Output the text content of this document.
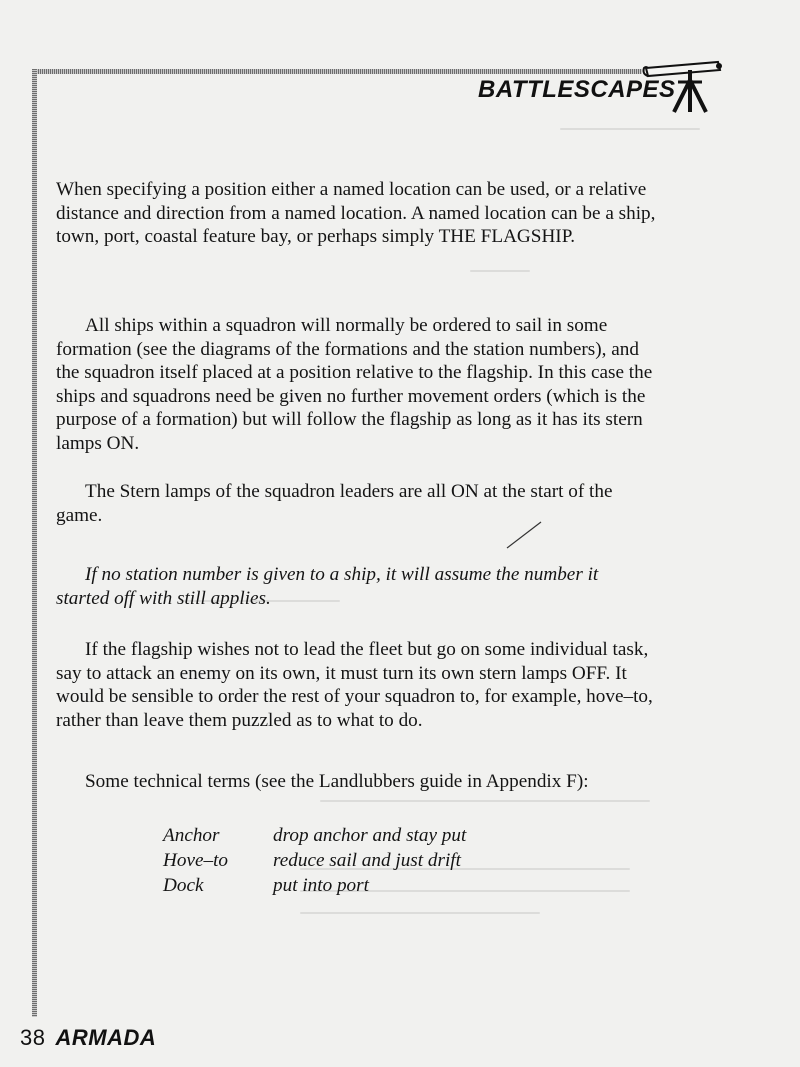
BATTLESCAPES

When specifying a position either a named location can be used, or a relative distance and direction from a named location. A named location can be a ship, town, port, coastal feature bay, or perhaps simply THE FLAGSHIP.

All ships within a squadron will normally be ordered to sail in some formation (see the diagrams of the formations and the station numbers), and the squadron itself placed at a position relative to the flagship. In this case the ships and squadrons need be given no further movement orders (which is the purpose of a formation) but will follow the flagship as long as it has its stern lamps ON.

The Stern lamps of the squadron leaders are all ON at the start of the game.

If no station number is given to a ship, it will assume the number it started off with still applies.

If the flagship wishes not to lead the fleet but go on some individual task, say to attack an enemy on its own, it must turn its own stern lamps OFF. It would be sensible to order the rest of your squadron to, for example, hove–to, rather than leave them puzzled as to what to do.

Some technical terms (see the Landlubbers guide in Appendix F):

Anchor	drop anchor and stay put
Hove–to	reduce sail and just drift
Dock	put into port
38 ARMADA
